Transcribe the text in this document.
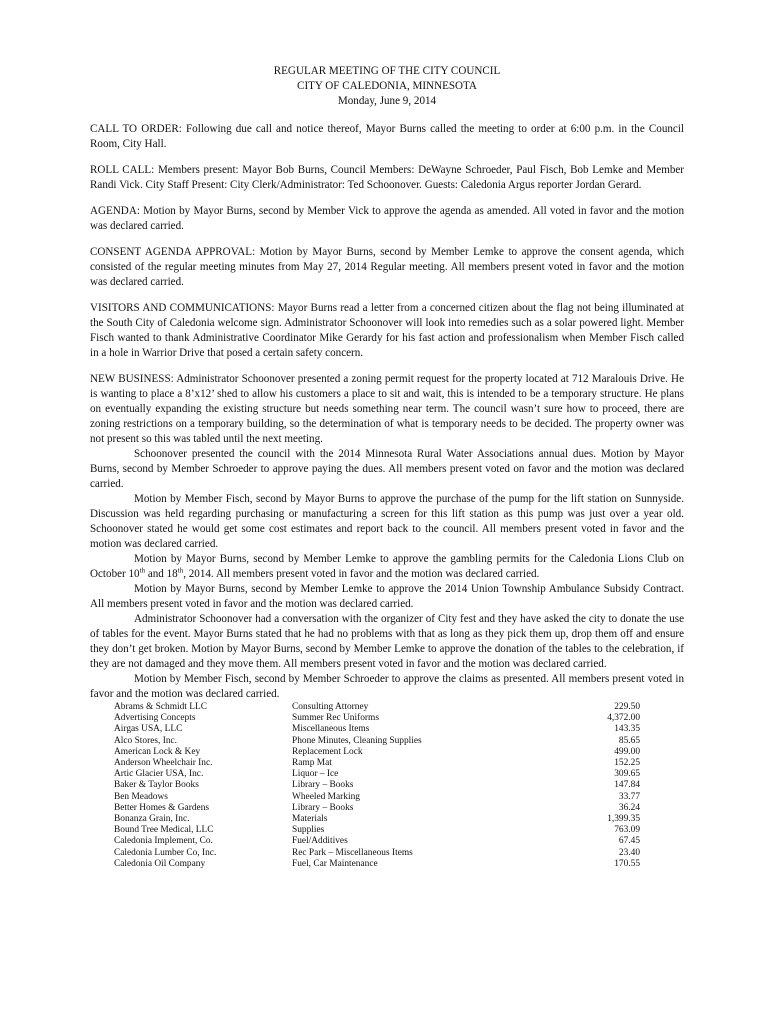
REGULAR MEETING OF THE CITY COUNCIL
CITY OF CALEDONIA, MINNESOTA
Monday, June 9, 2014

CALL TO ORDER: Following due call and notice thereof, Mayor Burns called the meeting to order at 6:00 p.m. in the Council Room, City Hall.

ROLL CALL: Members present: Mayor Bob Burns, Council Members: DeWayne Schroeder, Paul Fisch, Bob Lemke and Member Randi Vick. City Staff Present: City Clerk/Administrator: Ted Schoonover. Guests: Caledonia Argus reporter Jordan Gerard.

AGENDA: Motion by Mayor Burns, second by Member Vick to approve the agenda as amended. All voted in favor and the motion was declared carried.

CONSENT AGENDA APPROVAL: Motion by Mayor Burns, second by Member Lemke to approve the consent agenda, which consisted of the regular meeting minutes from May 27, 2014 Regular meeting. All members present voted in favor and the motion was declared carried.

VISITORS AND COMMUNICATIONS: Mayor Burns read a letter from a concerned citizen about the flag not being illuminated at the South City of Caledonia welcome sign. Administrator Schoonover will look into remedies such as a solar powered light. Member Fisch wanted to thank Administrative Coordinator Mike Gerardy for his fast action and professionalism when Member Fisch called in a hole in Warrior Drive that posed a certain safety concern.

NEW BUSINESS: Administrator Schoonover presented a zoning permit request for the property located at 712 Maralouis Drive. He is wanting to place a 8’x12’ shed to allow his customers a place to sit and wait, this is intended to be a temporary structure. He plans on eventually expanding the existing structure but needs something near term. The council wasn’t sure how to proceed, there are zoning restrictions on a temporary building, so the determination of what is temporary needs to be decided. The property owner was not present so this was tabled until the next meeting.
Schoonover presented the council with the 2014 Minnesota Rural Water Associations annual dues. Motion by Mayor Burns, second by Member Schroeder to approve paying the dues. All members present voted on favor and the motion was declared carried.
Motion by Member Fisch, second by Mayor Burns to approve the purchase of the pump for the lift station on Sunnyside. Discussion was held regarding purchasing or manufacturing a screen for this lift station as this pump was just over a year old. Schoonover stated he would get some cost estimates and report back to the council. All members present voted in favor and the motion was declared carried.
Motion by Mayor Burns, second by Member Lemke to approve the gambling permits for the Caledonia Lions Club on October 10th and 18th, 2014. All members present voted in favor and the motion was declared carried.
Motion by Mayor Burns, second by Member Lemke to approve the 2014 Union Township Ambulance Subsidy Contract. All members present voted in favor and the motion was declared carried.
Administrator Schoonover had a conversation with the organizer of City fest and they have asked the city to donate the use of tables for the event. Mayor Burns stated that he had no problems with that as long as they pick them up, drop them off and ensure they don’t get broken. Motion by Mayor Burns, second by Member Lemke to approve the donation of the tables to the celebration, if they are not damaged and they move them. All members present voted in favor and the motion was declared carried.
Motion by Member Fisch, second by Member Schroeder to approve the claims as presented. All members present voted in favor and the motion was declared carried.
Abrams & Schmidt LLC	Consulting Attorney	229.50
Advertising Concepts	Summer Rec Uniforms	4,372.00
Airgas USA, LLC	Miscellaneous Items	143.35
Alco Stores, Inc.	Phone Minutes, Cleaning Supplies	85.65
American Lock & Key	Replacement Lock	499.00
Anderson Wheelchair Inc.	Ramp Mat	152.25
Artic Glacier USA, Inc.	Liquor – Ice	309.65
Baker & Taylor Books	Library – Books	147.84
Ben Meadows	Wheeled Marking	33.77
Better Homes & Gardens	Library – Books	36.24
Bonanza Grain, Inc.	Materials	1,399.35
Bound Tree Medical, LLC	Supplies	763.09
Caledonia Implement, Co.	Fuel/Additives	67.45
Caledonia Lumber Co, Inc.	Rec Park – Miscellaneous Items	23.40
Caledonia Oil Company	Fuel, Car Maintenance	170.55
